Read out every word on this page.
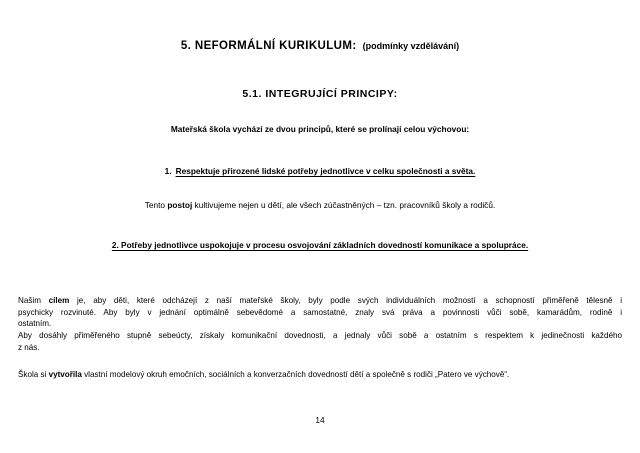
5. NEFORMÁLNÍ KURIKULUM: (podmínky vzdělávání)
5.1. INTEGRUJÍCÍ PRINCIPY:
Mateřská škola vychází ze dvou principů, které se prolínají celou výchovou:
1. Respektuje přirozené lidské potřeby jednotlivce v celku společnosti a světa.
Tento postoj kultivujeme nejen u dětí, ale všech zúčastněných – tzn. pracovníků školy a rodičů.
2. Potřeby jednotlivce uspokojuje v procesu osvojování základních dovedností komunikace a spolupráce.
Našim cílem je, aby děti, které odcházejí z naší mateřské školy, byly podle svých individuálních možností a schopností přiměřeně tělesně i
psychicky rozvinuté. Aby byly v jednání optimálně sebevědomé a samostatné, znaly svá práva a povinnosti vůči sobě, kamarádům, rodině i
ostatním.
Aby dosáhly přiměřeného stupně sebeúcty, získaly komunikační dovednosti, a jednaly vůči sobě a ostatním s respektem k jedinečnosti každého
z nás.
Škola si vytvořila vlastní modelový okruh emočních, sociálních a konverzačních dovedností dětí a společně s rodiči „Patero ve výchově“.
14
